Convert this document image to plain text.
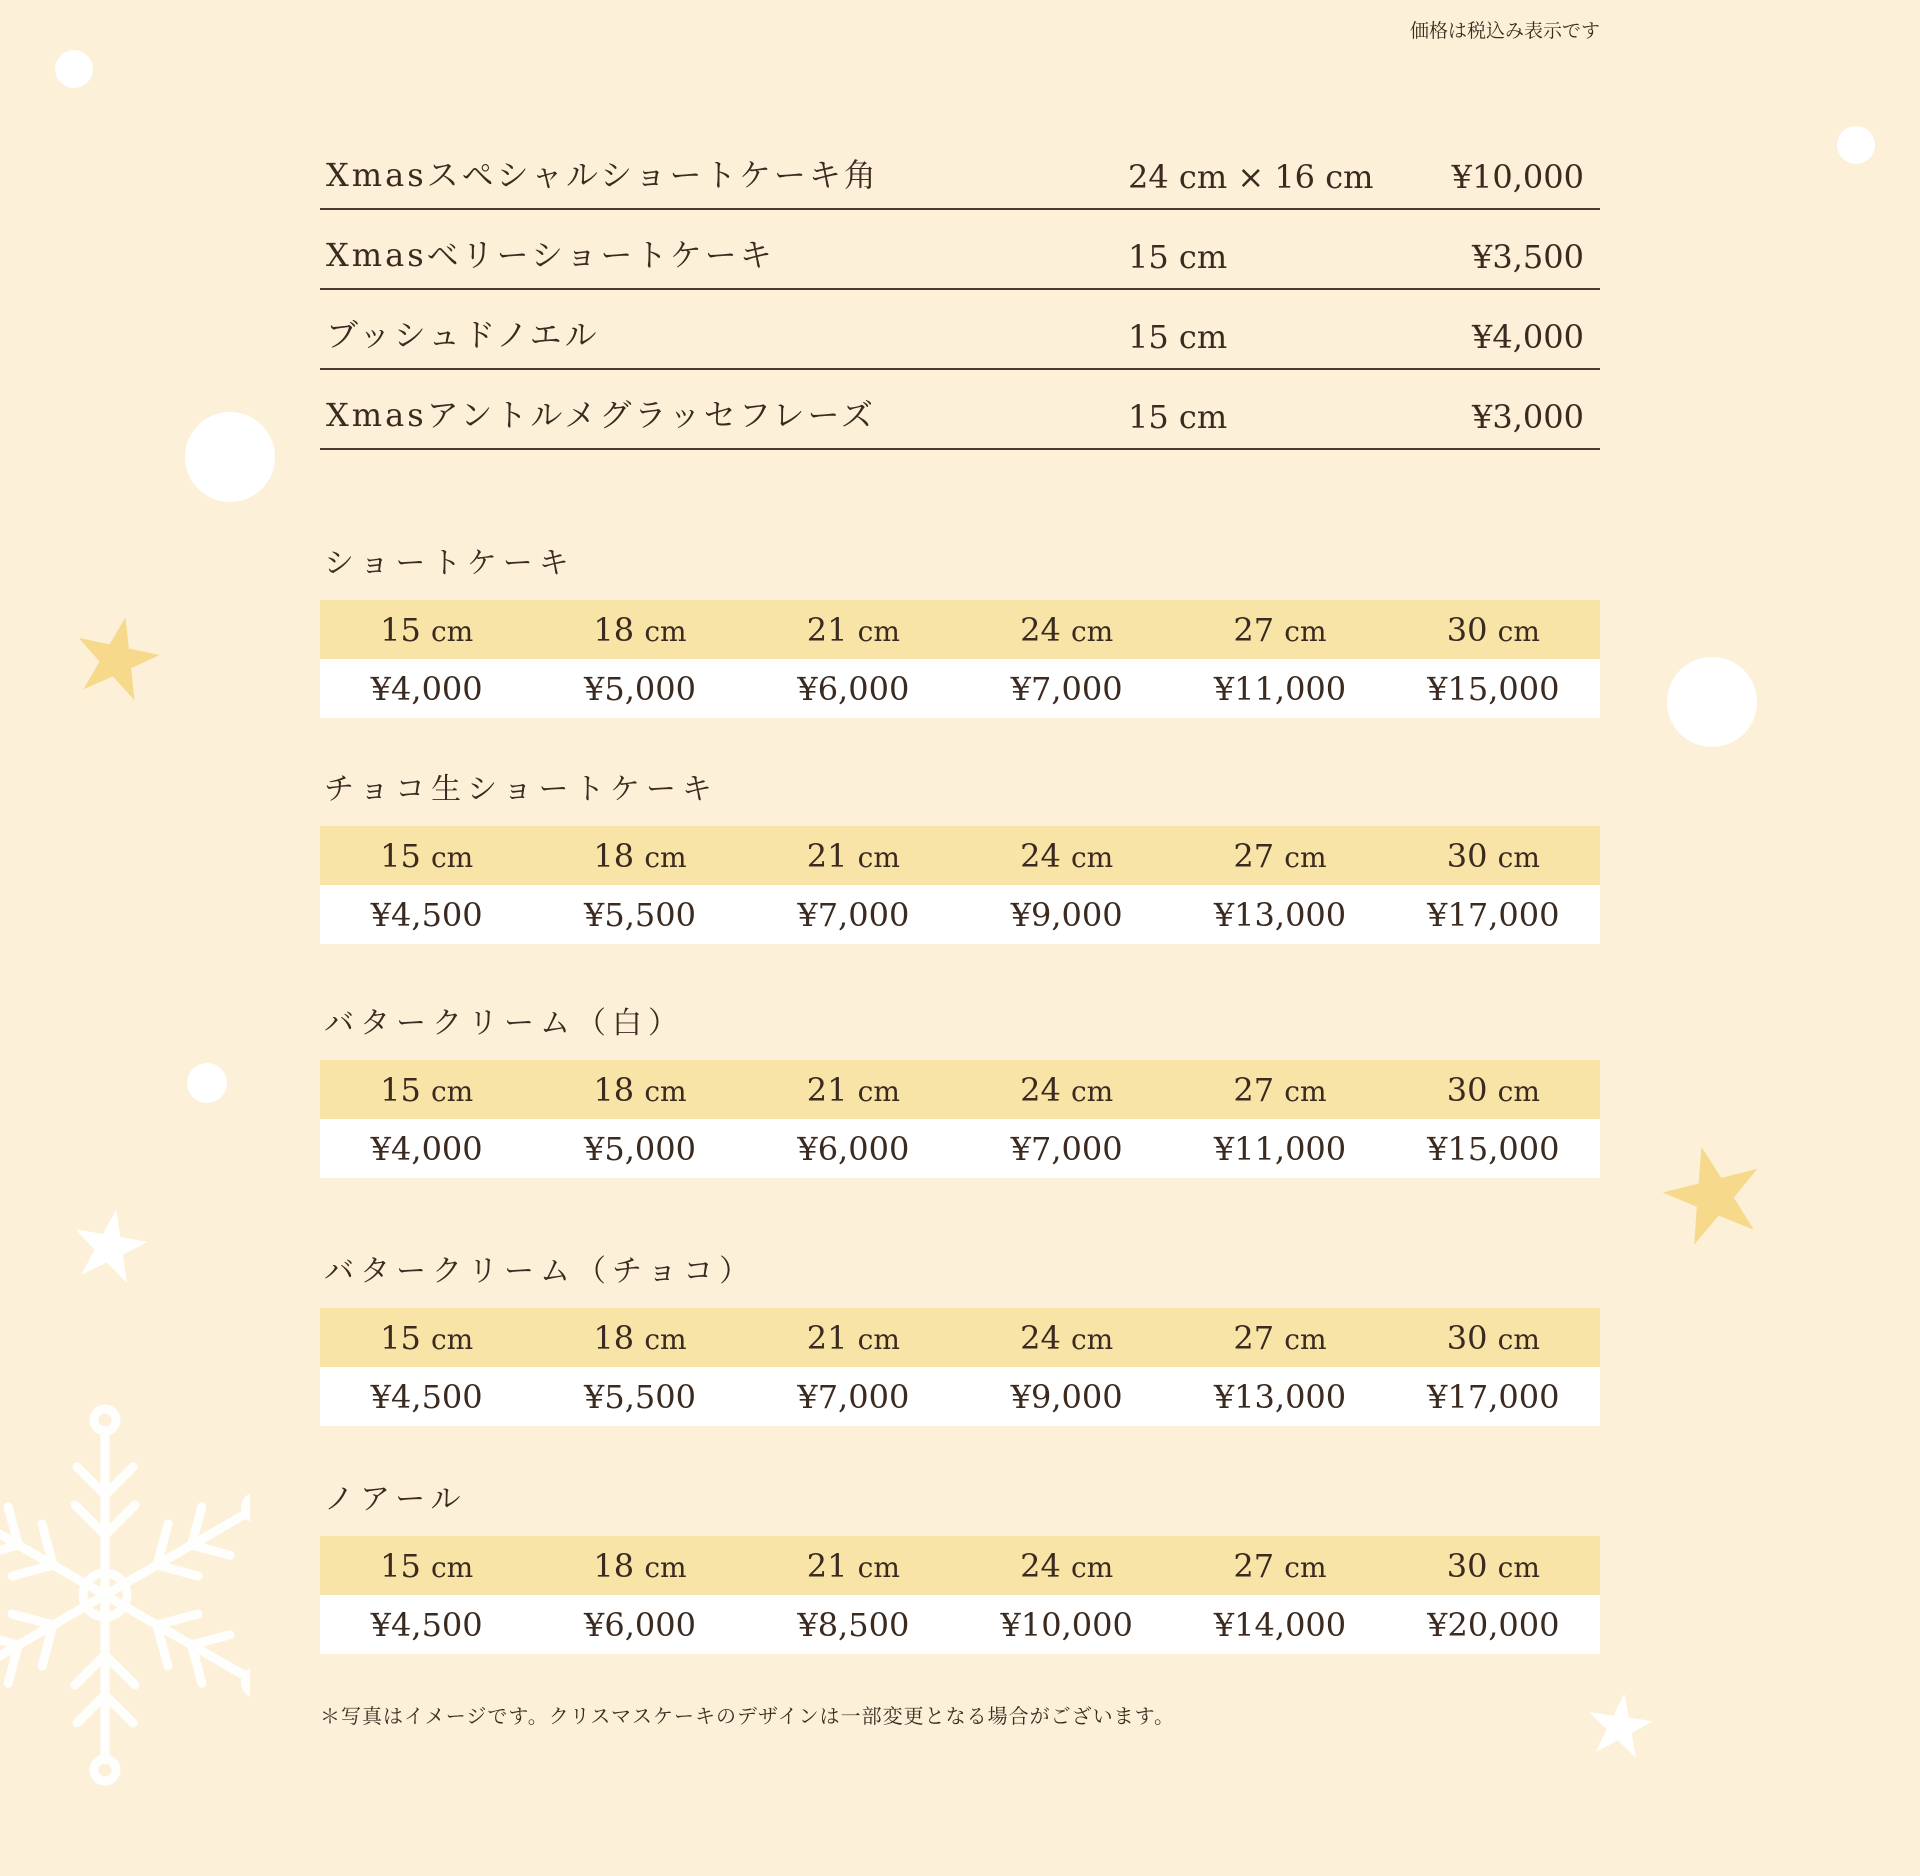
価格は税込み表示です
Xmasスペシャルショートケーキ角	24 cm × 16 cm ¥10,000
Xmasベリーショートケーキ	15 cm	¥3,500
ブッシュドノエル	15 cm	¥4,000
Xmasアントルメグラッセフレーズ	15 cm	¥3,000
ショートケーキ
15 cm	18 cm	21 cm	24 cm	27 cm	30 cm
¥4,000	¥5,000	¥6,000	¥7,000	¥11,000	¥15,000
チョコ生ショートケーキ
15 cm	18 cm	21 cm	24 cm	27 cm	30 cm
¥4,500	¥5,500	¥7,000	¥9,000	¥13,000	¥17,000
バタークリーム（白）
15 cm	18 cm	21 cm	24 cm	27 cm	30 cm
¥4,000	¥5,000	¥6,000	¥7,000	¥11,000	¥15,000
バタークリーム（チョコ）
15 cm	18 cm	21 cm	24 cm	27 cm	30 cm
¥4,500	¥5,500	¥7,000	¥9,000	¥13,000	¥17,000
ノアール
15 cm	18 cm	21 cm	24 cm	27 cm	30 cm
¥4,500	¥6,000	¥8,500	¥10,000	¥14,000	¥20,000
＊写真はイメージです。クリスマスケーキのデザインは一部変更となる場合がございます。
